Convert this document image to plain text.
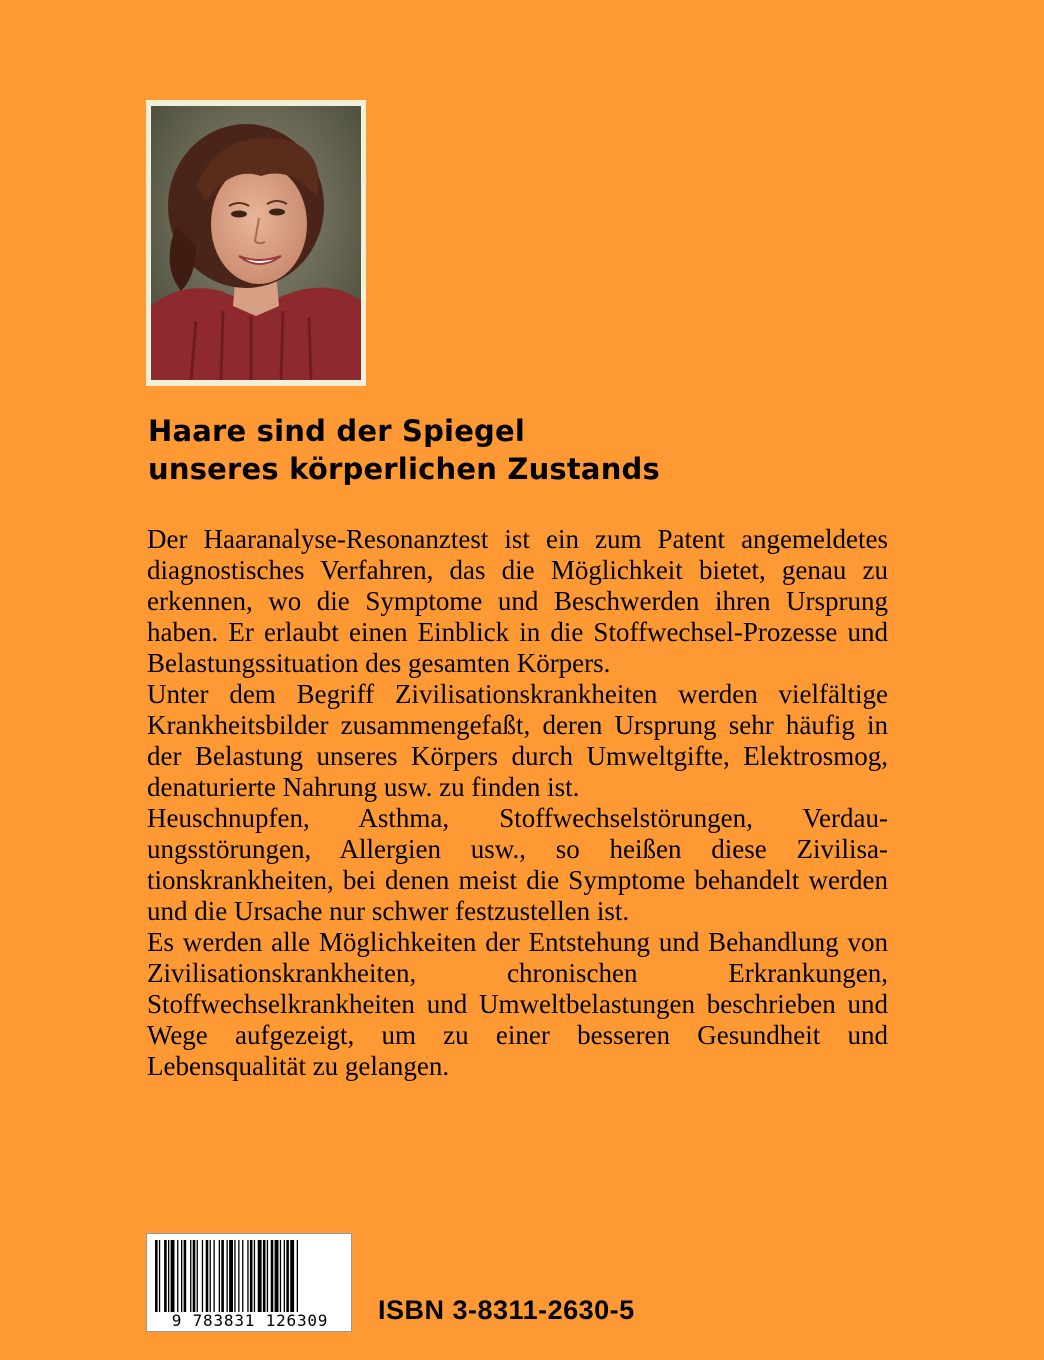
Haare sind der Spiegel
unseres körperlichen Zustands

Der Haaranalyse-Resonanztest ist ein zum Patent angemeldetes diagnostisches Verfahren, das die Möglichkeit bietet, genau zu erkennen, wo die Symptome und Beschwerden ihren Ursprung haben. Er erlaubt einen Einblick in die Stoffwechsel-Prozesse und Belastungssituation des gesamten Körpers.

Unter dem Begriff Zivilisationskrankheiten werden vielfältige Krankheitsbilder zusammengefaßt, deren Ursprung sehr häufig in der Belastung unseres Körpers durch Umweltgifte, Elektrosmog, denaturierte Nahrung usw. zu finden ist.

Heuschnupfen, Asthma, Stoffwechselstörungen, Verdauungsstörungen, Allergien usw., so heißen diese Zivilisationskrankheiten, bei denen meist die Symptome behandelt werden und die Ursache nur schwer festzustellen ist.

Es werden alle Möglichkeiten der Entstehung und Behandlung von Zivilisationskrankheiten, chronischen Erkrankungen, Stoffwechselkrankheiten und Umweltbelastungen beschrieben und Wege aufgezeigt, um zu einer besseren Gesundheit und Lebensqualität zu gelangen.

9 783831 126309	ISBN 3-8311-2630-5
